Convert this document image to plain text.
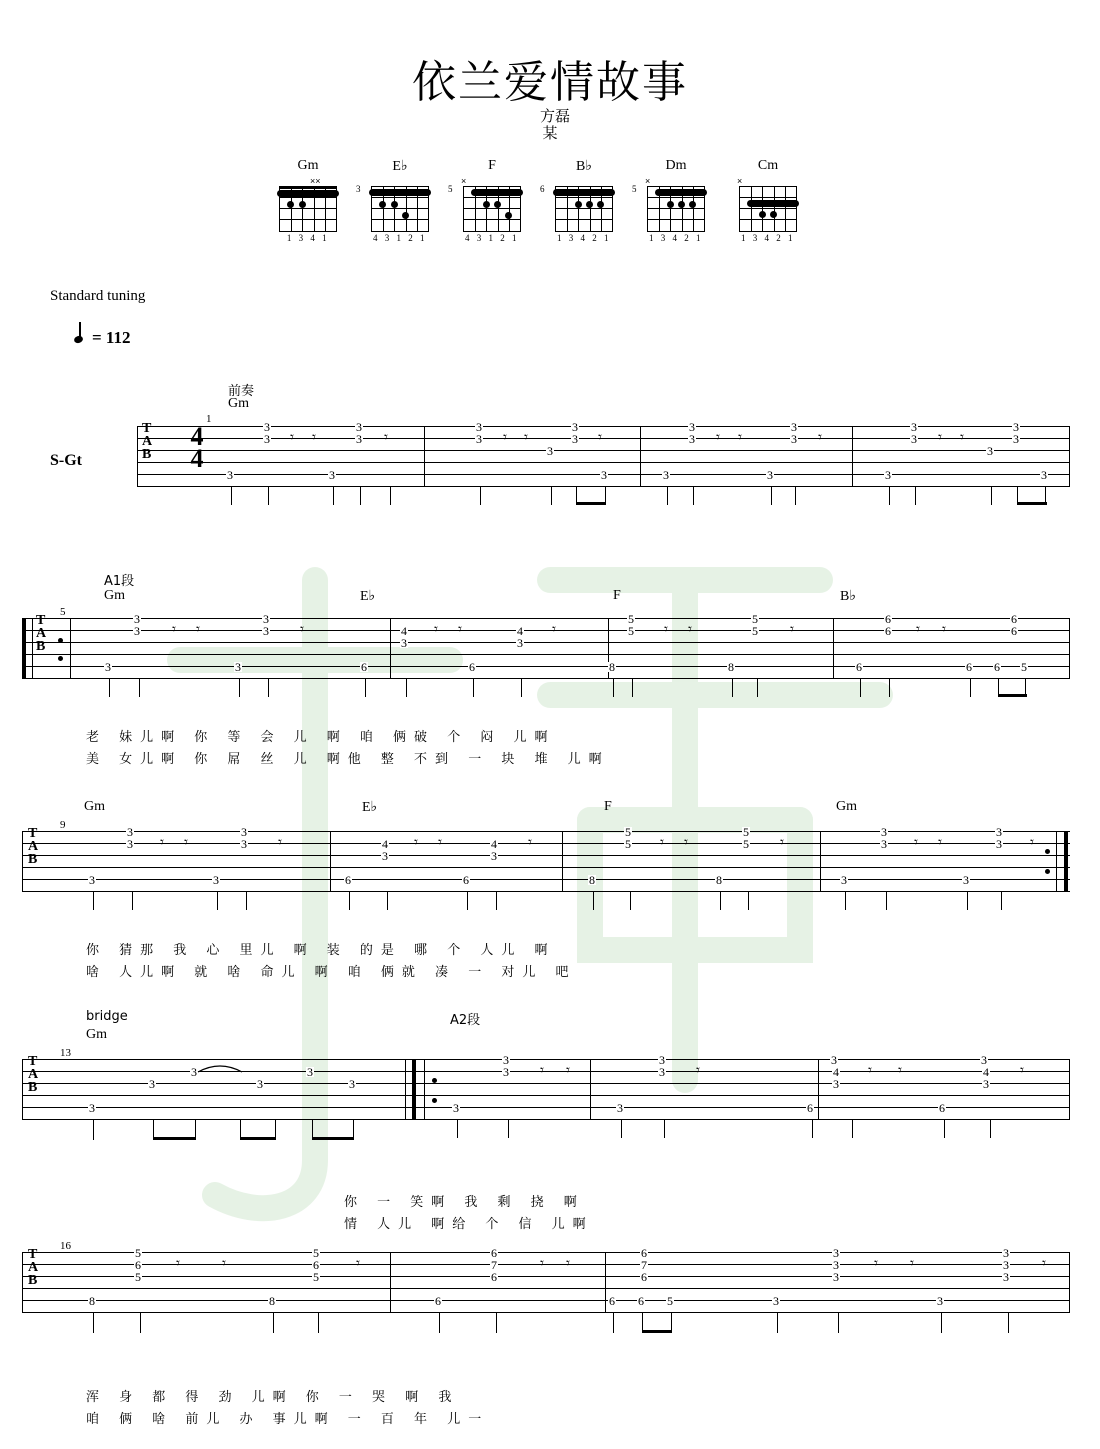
依兰爱情故事
方磊
某
Gm
××
1 3 4 1
E♭
3
4 3 1 2 1
F
×
5
4 3 1 2 1
B♭
6
1 3 4 2 1
Dm
×
5
1 3 4 2 1
Cm
×
1 3 4 2 1
Standard tuning
= 112
S-Gt
前奏
Gm
1
T
A
B
4
4
3
3
3
3
3
3
𝄾 𝄾	𝄾
3
3
3
3
3
3
𝄾 𝄾	𝄾
3
3
3
3
3
3
𝄾 𝄾	𝄾
3
3
3
3
3
3
3
𝄾 𝄾
A1段
Gm	E♭	F	B♭
5
T
A
B
3
3
3
3
3
3
𝄾 𝄾	𝄾	4
3
6
4
3
6
𝄾 𝄾	𝄾
5
5
8
5
5
8
𝄾 𝄾	𝄾
6
6
6
6
6
6 6 5
𝄾 𝄾
老 妹儿啊 你 等 会 儿 啊 咱 俩破 个 闷 儿啊
美 女儿啊 你 屌 丝 儿 啊他 整 不到 一 块 堆 儿啊
Gm	E♭	F	Gm
9
T
A
B
3
3
3
3
3
3
𝄾 𝄾	𝄾	4
3
6
4
3
6
𝄾 𝄾	𝄾
5
5
8
5
5
8
𝄾 𝄾	𝄾
3
3
3
3
3
3
𝄾 𝄾	𝄾
你 猜那 我 心 里儿 啊 装 的是 哪 个 人儿 啊
啥 人儿啊 就 啥 命儿 啊 咱 俩就 凑 一 对儿 吧
bridge
Gm
A2段
13
T
A
B	3
3
3
3
3
3
3
3
3
3
3
3
𝄾 𝄾	𝄾	4
3
3
6
4
3
3
6
𝄾 𝄾	𝄾
你 一 笑啊 我 剩 挠 啊
情 人儿 啊给 个 信 儿啊
16
T
A
B
5
6
5
8
5
6
5
8
𝄾	𝄾	𝄾
6
7
6
6
6
7
6
6 6 5
𝄾 𝄾
3
3
3
3
3
3
3
3
𝄾 𝄾	𝄾
浑 身 都 得 劲 儿啊 你 一 哭 啊 我
咱 俩 啥 前儿 办 事儿啊 一 百 年 儿一
